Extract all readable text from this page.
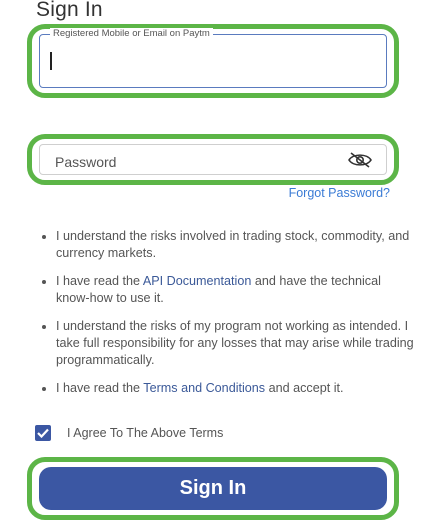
Sign In
Registered Mobile or Email on Paytm
Password
Forgot Password?
• I understand the risks involved in trading stock, commodity, and currency markets.
• I have read the API Documentation and have the technical know-how to use it.
• I understand the risks of my program not working as intended. I take full responsibility for any losses that may arise while trading programmatically.
• I have read the Terms and Conditions and accept it.
I Agree To The Above Terms
Sign In
